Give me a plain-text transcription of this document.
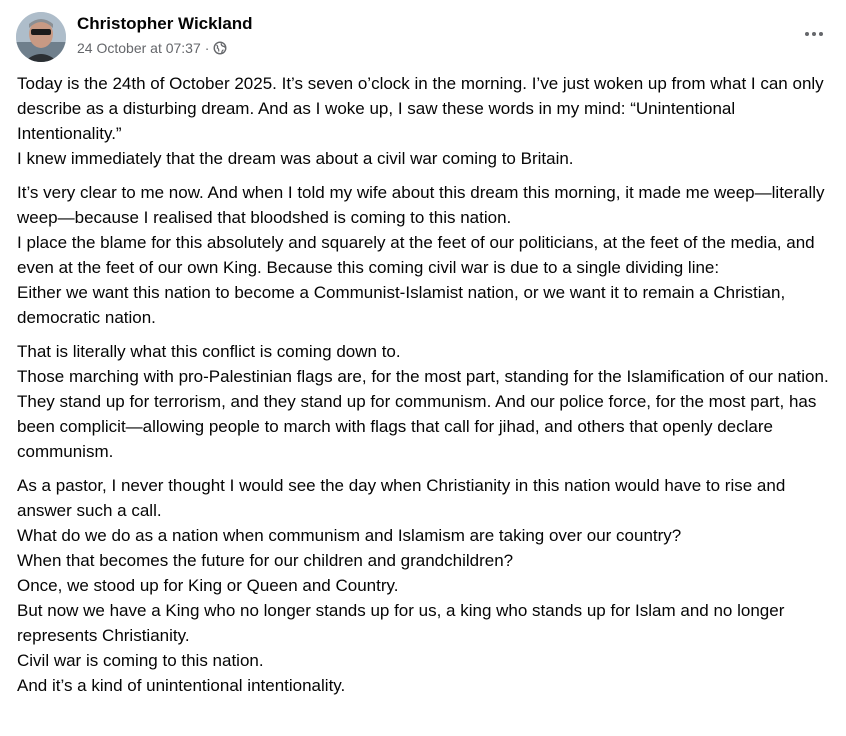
Christopher Wickland
24 October at 07:37 ·

Today is the 24th of October 2025. It’s seven o’clock in the morning. I’ve just woken up from what I can only describe as a disturbing dream. And as I woke up, I saw these words in my mind: “Unintentional Intentionality.”

I knew immediately that the dream was about a civil war coming to Britain.

It’s very clear to me now. And when I told my wife about this dream this morning, it made me weep—literally weep—because I realised that bloodshed is coming to this nation.

I place the blame for this absolutely and squarely at the feet of our politicians, at the feet of the media, and even at the feet of our own King. Because this coming civil war is due to a single dividing line:

Either we want this nation to become a Communist-Islamist nation, or we want it to remain a Christian, democratic nation.

That is literally what this conflict is coming down to.

Those marching with pro-Palestinian flags are, for the most part, standing for the Islamification of our nation. They stand up for terrorism, and they stand up for communism. And our police force, for the most part, has been complicit—allowing people to march with flags that call for jihad, and others that openly declare communism.

As a pastor, I never thought I would see the day when Christianity in this nation would have to rise and answer such a call.

What do we do as a nation when communism and Islamism are taking over our country?

When that becomes the future for our children and grandchildren?

Once, we stood up for King or Queen and Country.

But now we have a King who no longer stands up for us, a king who stands up for Islam and no longer represents Christianity.

Civil war is coming to this nation.

And it’s a kind of unintentional intentionality.
